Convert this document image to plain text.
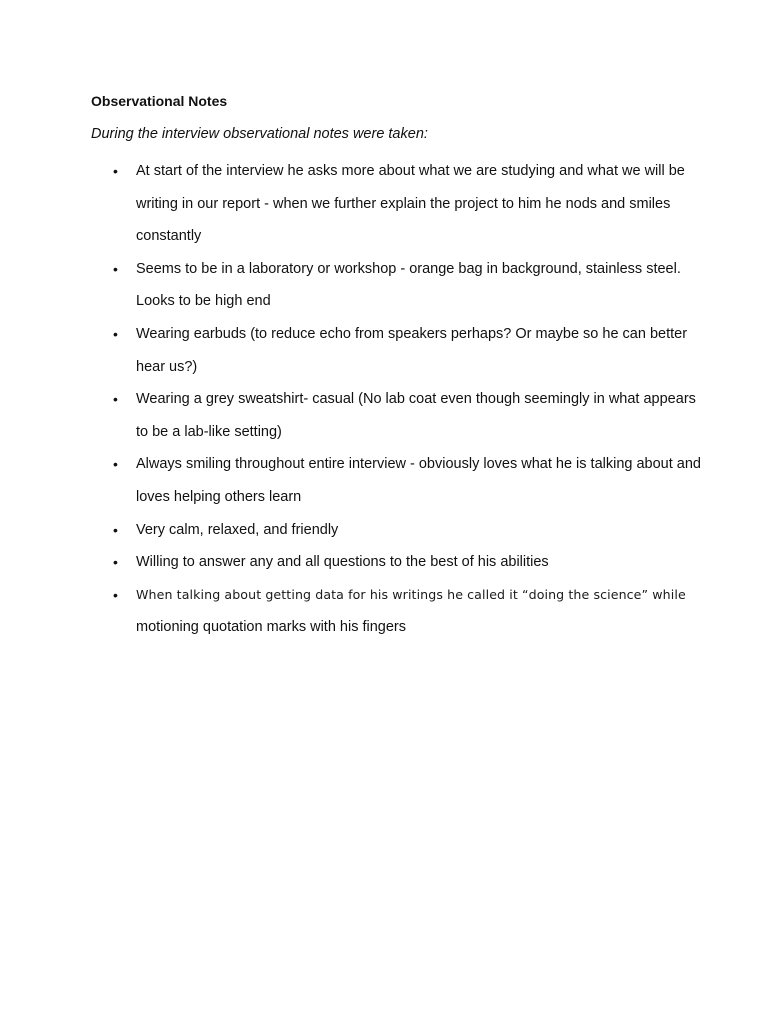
Observational Notes
During the interview observational notes were taken:
• At start of the interview he asks more about what we are studying and what we will be
writing in our report - when we further explain the project to him he nods and smiles
constantly
• Seems to be in a laboratory or workshop - orange bag in background, stainless steel.
Looks to be high end
• Wearing earbuds (to reduce echo from speakers perhaps? Or maybe so he can better
hear us?)
• Wearing a grey sweatshirt- casual (No lab coat even though seemingly in what appears
to be a lab-like setting)
• Always smiling throughout entire interview - obviously loves what he is talking about and
loves helping others learn
• Very calm, relaxed, and friendly
• Willing to answer any and all questions to the best of his abilities
• When talking about getting data for his writings he called it “doing the science” while
motioning quotation marks with his fingers
